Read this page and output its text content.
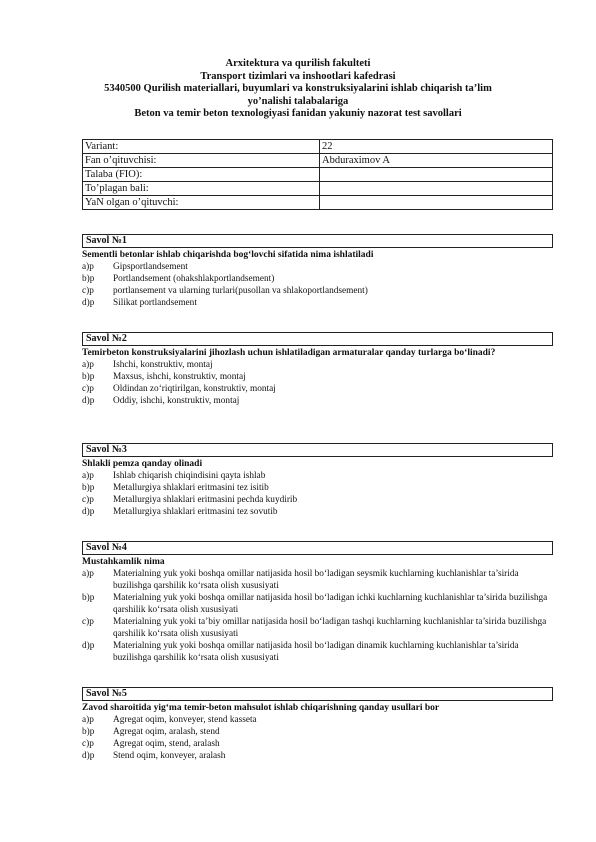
Arxitektura va qurilish fakulteti
Transport tizimlari va inshootlari kafedrasi
5340500 Qurilish materiallari, buyumlari va konstruksiyalarini ishlab chiqarish ta’lim
yo’nalishi talabalariga
Beton va temir beton texnologiyasi fanidan yakuniy nazorat test savollari
Variant:	22
Fan o’qituvchisi:	Abduraximov A
Talaba (FIO):	
To’plagan bali:	
YaN olgan o’qituvchi:	
Savol №1
Sementli betonlar ishlab chiqarishda bog‘lovchi sifatida nima ishlatiladi
a)p Gipsportlandsement
b)p Portlandsement (ohakshlakportlandsement)
c)p portlansement va ularning turlari(pusollan va shlakoportlandsement)
d)p Silikat portlandsement
Savol №2
Temirbeton konstruksiyalarini jihozlash uchun ishlatiladigan armaturalar qanday turlarga bo‘linadi?
a)p Ishchi, konstruktiv, montaj
b)p Maxsus, ishchi, konstruktiv, montaj
c)p Oldindan zo‘riqtirilgan, konstruktiv, montaj
d)p Oddiy, ishchi, konstruktiv, montaj
Savol №3
Shlakli pemza qanday olinadi
a)p Ishlab chiqarish chiqindisini qayta ishlab
b)p Metallurgiya shlaklari eritmasini tez isitib
c)p Metallurgiya shlaklari eritmasini pechda kuydirib
d)p Metallurgiya shlaklari eritmasini tez sovutib
Savol №4
Mustahkamlik nima
a)p Materialning yuk yoki boshqa omillar natijasida hosil bo‘ladigan seysmik kuchlarning kuchlanishlar ta’sirida buzilishga qarshilik ko‘rsata olish xususiyati
b)p Materialning yuk yoki boshqa omillar natijasida hosil bo‘ladigan ichki kuchlarning kuchlanishlar ta’sirida buzilishga qarshilik ko‘rsata olish xususiyati
c)p Materialning yuk yoki ta’biy omillar natijasida hosil bo‘ladigan tashqi kuchlarning kuchlanishlar ta’sirida buzilishga qarshilik ko‘rsata olish xususiyati
d)p Materialning yuk yoki boshqa omillar natijasida hosil bo‘ladigan dinamik kuchlarning kuchlanishlar ta’sirida buzilishga qarshilik ko‘rsata olish xususiyati
Savol №5
Zavod sharoitida yig‘ma temir-beton mahsulot ishlab chiqarishning qanday usullari bor
a)p Agregat oqim, konveyer, stend kasseta
b)p Agregat oqim, aralash, stend
c)p Agregat oqim, stend, aralash
d)p Stend oqim, konveyer, aralash
